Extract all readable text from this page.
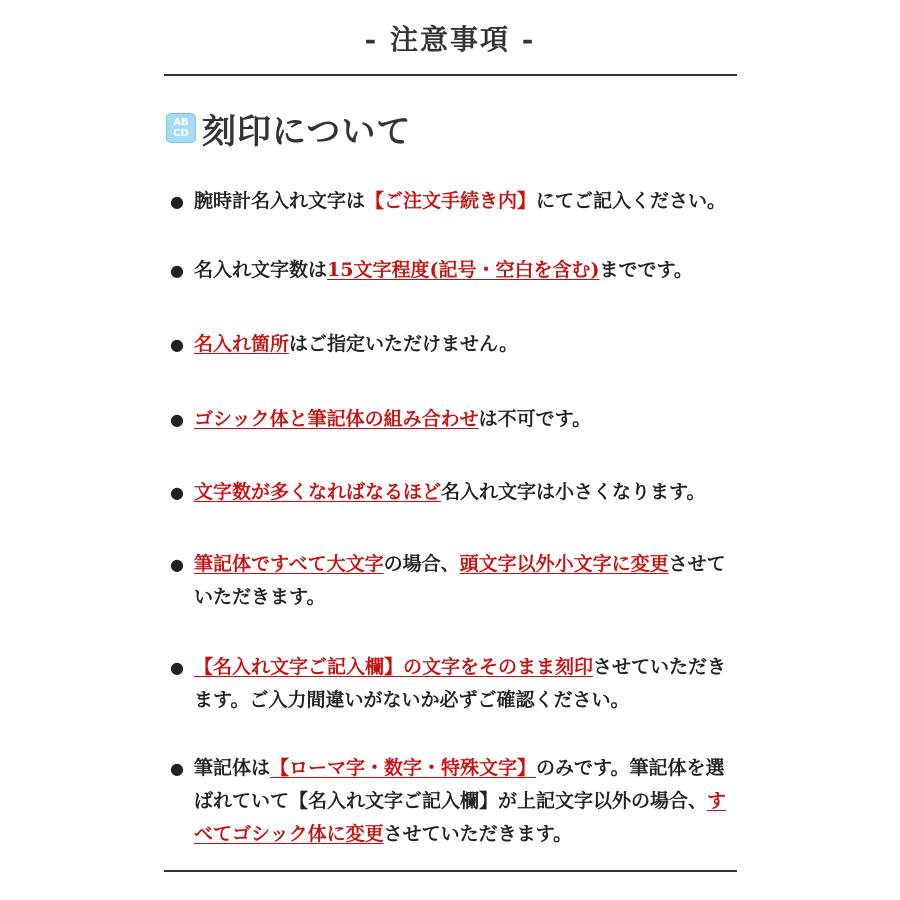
- 注意事項 -
AB
CD 刻印について
● 腕時計名入れ文字は【ご注文手続き内】にてご記入ください。
● 名入れ文字数は15文字程度(記号・空白を含む)までです。
● 名入れ箇所はご指定いただけません。
● ゴシック体と筆記体の組み合わせは不可です。
● 文字数が多くなればなるほど名入れ文字は小さくなります。
● 筆記体ですべて大文字の場合、頭文字以外小文字に変更させていただきます。
● 【名入れ文字ご記入欄】の文字をそのまま刻印させていただきます。ご入力間違いがないか必ずご確認ください。
● 筆記体は【ローマ字・数字・特殊文字】のみです。筆記体を選ばれていて【名入れ文字ご記入欄】が上記文字以外の場合、すべてゴシック体に変更させていただきます。
